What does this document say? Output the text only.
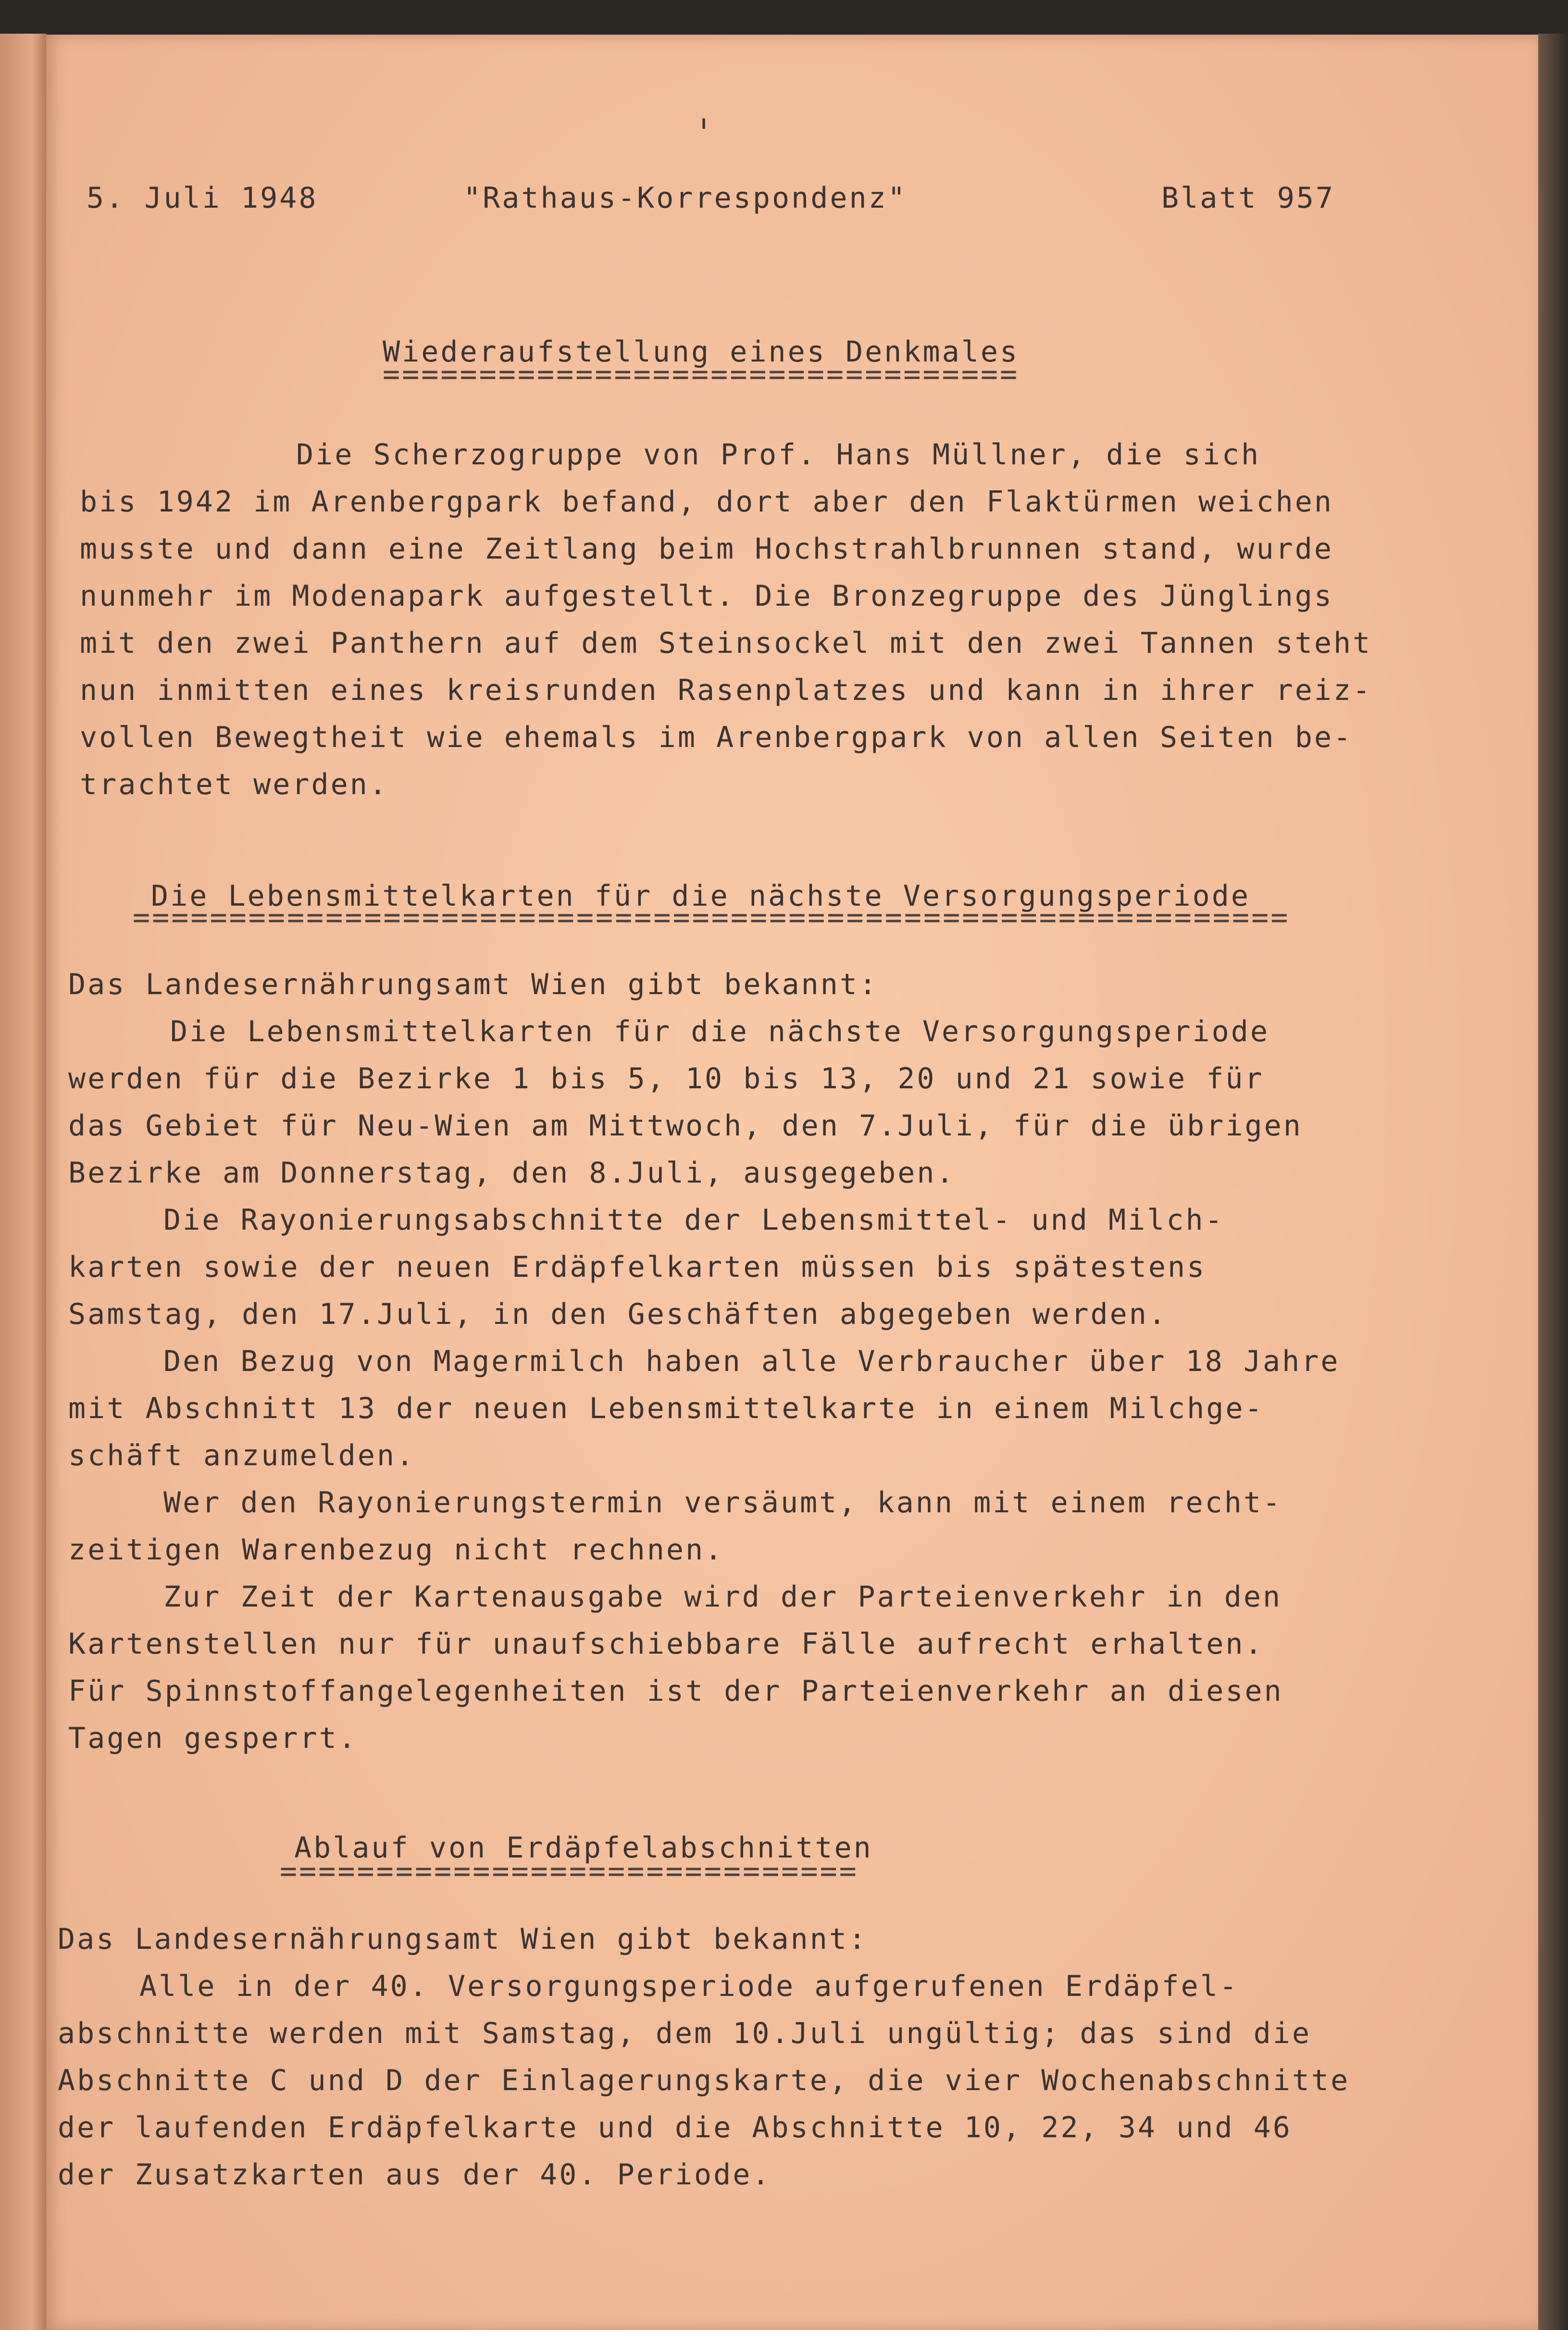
ˌ

5. Juli 1948	"Rathaus-Korrespondenz"	Blatt 957

Wiederaufstellung eines Denkmales

Die Scherzogruppe von Prof. Hans Müllner, die sich

bis 1942 im Arenbergpark befand, dort aber den Flaktürmen weichen

musste und dann eine Zeitlang beim Hochstrahlbrunnen stand, wurde

nunmehr im Modenapark aufgestellt. Die Bronzegruppe des Jünglings

mit den zwei Panthern auf dem Steinsockel mit den zwei Tannen steht

nun inmitten eines kreisrunden Rasenplatzes und kann in ihrer reiz-

vollen Bewegtheit wie ehemals im Arenbergpark von allen Seiten be-

trachtet werden.

Die Lebensmittelkarten für die nächste Versorgungsperiode

Das Landesernährungsamt Wien gibt bekannt:

Die Lebensmittelkarten für die nächste Versorgungsperiode

werden für die Bezirke 1 bis 5, 10 bis 13, 20 und 21 sowie für

das Gebiet für Neu-Wien am Mittwoch, den 7.Juli, für die übrigen

Bezirke am Donnerstag, den 8.Juli, ausgegeben.

Die Rayonierungsabschnitte der Lebensmittel- und Milch-

karten sowie der neuen Erdäpfelkarten müssen bis spätestens

Samstag, den 17.Juli, in den Geschäften abgegeben werden.

Den Bezug von Magermilch haben alle Verbraucher über 18 Jahre

mit Abschnitt 13 der neuen Lebensmittelkarte in einem Milchge-

schäft anzumelden.

Wer den Rayonierungstermin versäumt, kann mit einem recht-

zeitigen Warenbezug nicht rechnen.

Zur Zeit der Kartenausgabe wird der Parteienverkehr in den

Kartenstellen nur für unaufschiebbare Fälle aufrecht erhalten.

Für Spinnstoffangelegenheiten ist der Parteienverkehr an diesen

Tagen gesperrt.

Ablauf von Erdäpfelabschnitten

Das Landesernährungsamt Wien gibt bekannt:

Alle in der 40. Versorgungsperiode aufgerufenen Erdäpfel-

abschnitte werden mit Samstag, dem 10.Juli ungültig; das sind die

Abschnitte C und D der Einlagerungskarte, die vier Wochenabschnitte

der laufenden Erdäpfelkarte und die Abschnitte 10, 22, 34 und 46

der Zusatzkarten aus der 40. Periode.
